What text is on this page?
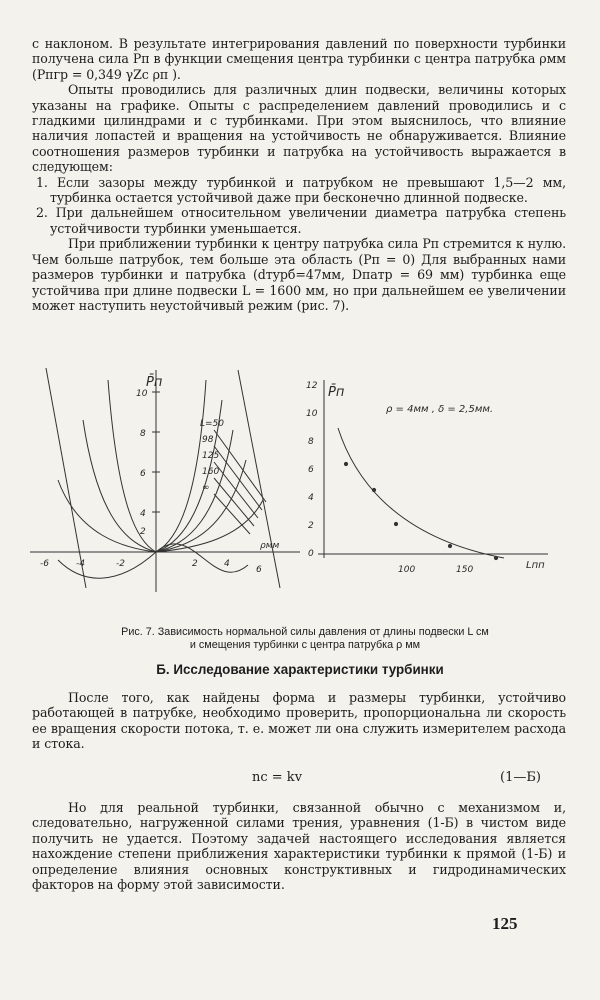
с наклоном. В результате интегрирования давлений по поверхности турбинки получена сила Pп в функции смещения центра турбинки с центра патрубка ρмм (Pпгр = 0,349 γZс ρп ).

Опыты проводились для различных длин подвески, величины которых указаны на графике. Опыты с распределением давлений проводились и с гладкими цилиндрами и с турбинками. При этом выяснилось, что влияние наличия лопастей и вращения на устойчивость не обнаруживается. Влияние соотношения размеров турбинки и патрубка на устойчивость выражается в следующем:

1. Если зазоры между турбинкой и патрубком не превышают 1,5—2 мм, турбинка остается устойчивой даже при бесконечно длинной подвеске.

2. При дальнейшем относительном увеличении диаметра патрубка степень устойчивости турбинки уменьшается.

При приближении турбинки к центру патрубка сила Pп стремится к нулю. Чем больше патрубок, тем больше эта область (Pп = 0) Для выбранных нами размеров турбинки и патрубка (dтурб=47мм, Dпатр = 69 мм) турбинка еще устойчива при длине подвески L = 1600 мм, но при дальнейшем ее увеличении может наступить неустойчивый режим (рис. 7).

P̄п
ρмм
10
8
6
4
2
-6	-4	-2	2	4
6
L=50
98
125
160
∞
P̄п
ρ = 4мм , δ = 2,5мм.
Lпп
12
10
8
6
4
2
0
100	150
Рис. 7. Зависимость нормальной силы давления от длины подвески L см
и смещения турбинки с центра патрубка ρ мм
Б. Исследование характеристики турбинки

После того, как найдены форма и размеры турбинки, устойчиво работающей в патрубке, необходимо проверить, пропорциональна ли скорость ее вращения скорости потока, т. е. может ли она служить измерителем расхода и стока.

nс = kv	(1—Б)

Но для реальной турбинки, связанной обычно с механизмом и, следовательно, нагруженной силами трения, уравнения (1-Б) в чистом виде получить не удается. Поэтому задачей настоящего исследования является нахождение степени приближения характеристики турбинки к прямой (1-Б) и определение влияния основных конструктивных и гидродинамических факторов на форму этой зависимости.

125
